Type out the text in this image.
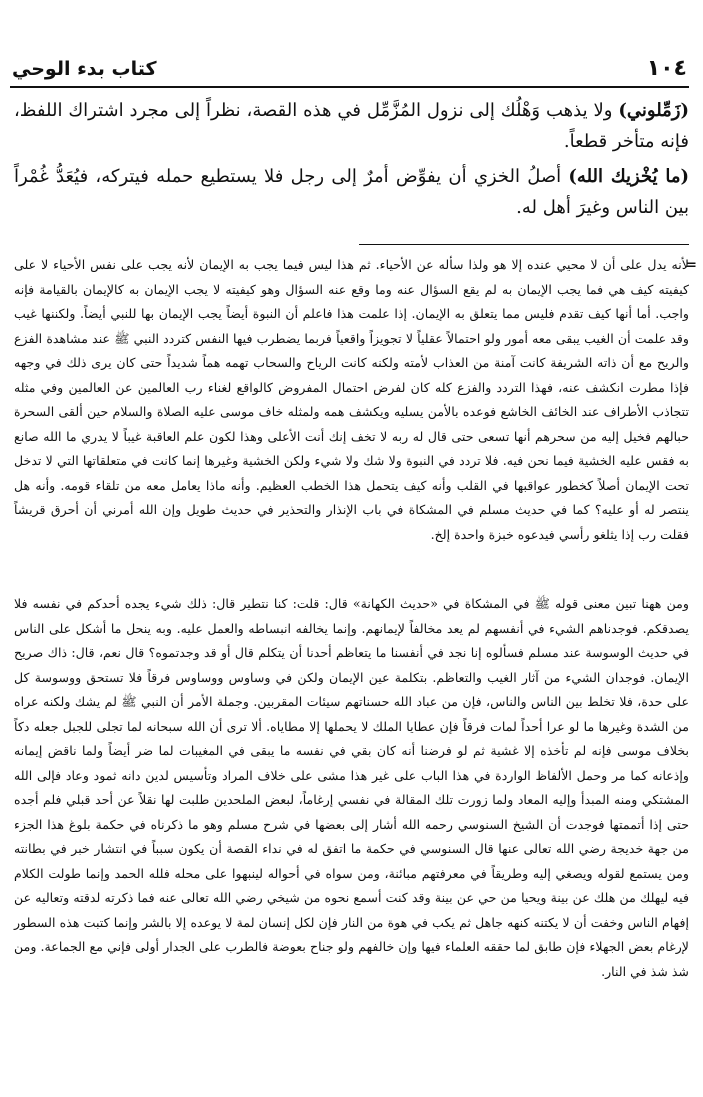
١٠٤
كتاب بدء الوحي

(زَمِّلوني) ولا يذهب وَهْلُك إلى نزول المُزَّمِّل في هذه القصة، نظراً إلى مجرد اشتراك اللفظ، فإنه متأخر قطعاً.

(ما يُخْزيك الله) أصلُ الخزي أن يفوِّض أمرٌ إلى رجل فلا يستطيع حمله فيتركه، فيُعَدُّ غُمْراً بين الناس وغيرَ أهل له.

=

لأنه يدل على أن لا محيي عنده إلا هو ولذا سأله عن الأحياء. ثم هذا ليس فيما يجب به الإيمان لأنه يجب على نفس الأحياء لا على كيفيته كيف هي فما يجب الإيمان به لم يقع السؤال عنه وما وقع عنه السؤال وهو كيفيته لا يجب الإيمان به كالإيمان بالقيامة فإنه واجب. أما أنها كيف تقدم فليس مما يتعلق به الإيمان. إذا علمت هذا فاعلم أن النبوة أيضاً يجب الإيمان بها للنبي أيضاً. ولكننها غيب وقد علمت أن الغيب يبقى معه أمور ولو احتمالاً عقلياً لا تجويزاً واقعياً فربما يضطرب فيها النفس كتردد النبي ﷺ عند مشاهدة الفزع والريح مع أن ذاته الشريفة كانت آمنة من العذاب لأمته ولكنه كانت الرياح والسحاب تهمه هماً شديداً حتى كان يرى ذلك في وجهه فإذا مطرت انكشف عنه، فهذا التردد والفزع كله كان لفرض احتمال المفروض كالواقع لغناء رب العالمين عن العالمين وفي مثله تتجاذب الأطراف عند الخائف الخاشع فوعده بالأمن يسليه ويكشف همه ولمثله خاف موسى عليه الصلاة والسلام حين ألقى السحرة حبالهم فخيل إليه من سحرهم أنها تسعى حتى قال له ربه لا تخف إنك أنت الأعلى وهذا لكون علم العاقبة غيباً لا يدري ما الله صانع به فقس عليه الخشية فيما نحن فيه. فلا تردد في النبوة ولا شك ولا شيء ولكن الخشية وغيرها إنما كانت في متعلقاتها التي لا تدخل تحت الإيمان أصلاً كخطور عواقبها في القلب وأنه كيف يتحمل هذا الخطب العظيم. وأنه ماذا يعامل معه من تلقاء قومه. وأنه هل ينتصر له أو عليه؟ كما في حديث مسلم في المشكاة في باب الإنذار والتحذير في حديث طويل وإن الله أمرني أن أحرق قريشاً فقلت رب إذا يثلغو رأسي فيدعوه خبزة واحدة إلخ.

ومن ههنا تبين معنى قوله ﷺ في المشكاة في «حديث الكهانة» قال: قلت: كنا نتطير قال: ذلك شيء يجده أحدكم في نفسه فلا يصدقكم. فوجدناهم الشيء في أنفسهم لم يعد مخالفاً لإيمانهم. وإنما يخالفه انبساطه والعمل عليه. وبه ينحل ما أشكل على الناس في حديث الوسوسة عند مسلم فسألوه إنا نجد في أنفسنا ما يتعاظم أحدنا أن يتكلم قال أو قد وجدتموه؟ قال نعم، قال: ذاك صريح الإيمان. فوجدان الشيء من آثار الغيب والتعاظم. بتكلمة عين الإيمان ولكن في وساوس ووساوس فرقاً فلا تستحق ووسوسة كل على حدة، فلا تخلط بين الناس والناس، فإن من عباد الله حسناتهم سيئات المقربين. وجملة الأمر أن النبي ﷺ لم يشك ولكنه عراه من الشدة وغيرها ما لو عرا أحداً لمات فرقاً فإن عطايا الملك لا يحملها إلا مطاياه. ألا ترى أن الله سبحانه لما تجلى للجبل جعله دكاً بخلاف موسى فإنه لم تأخذه إلا غشية ثم لو فرضنا أنه كان بقي في نفسه ما يبقى في المغيبات لما ضر أيضاً ولما ناقض إيمانه وإذعانه كما مر وحمل الألفاظ الواردة في هذا الباب على غير هذا مشى على خلاف المراد وتأسيس لدين دانه ثمود وعاد فإلى الله المشتكي ومنه المبدأ وإليه المعاد ولما زورت تلك المقالة في نفسي إرغاماً، لبعض الملحدين طلبت لها نقلاً عن أحد قبلي فلم أجده حتى إذا أتممتها فوجدت أن الشيخ السنوسي رحمه الله أشار إلى بعضها في شرح مسلم وهو ما ذكرناه في حكمة بلوغ هذا الجزء من جهة خديجة رضي الله تعالى عنها قال السنوسي في حكمة ما اتفق له في نداء القصة أن يكون سبباً في انتشار خبر في بطانته ومن يستمع لقوله ويصغي إليه وطريقاً في معرفتهم مبائنة، ومن سواه في أحواله لينبهوا على محله فلله الحمد وإنما طولت الكلام فيه ليهلك من هلك عن بينة ويحيا من حي عن بينة وقد كنت أسمع نحوه من شيخي رضي الله تعالى عنه فما ذكرته لدقته وتعاليه عن إفهام الناس وخفت أن لا يكتنه كنهه جاهل ثم يكب في هوة من النار فإن لكل إنسان لمة لا يوعده إلا بالشر وإنما كتبت هذه السطور لإرغام بعض الجهلاء فإن طابق لما حققه العلماء فيها وإن خالفهم ولو جناح بعوضة فالطرب على الجدار أولى فإني مع الجماعة. ومن شذ شذ في النار.
